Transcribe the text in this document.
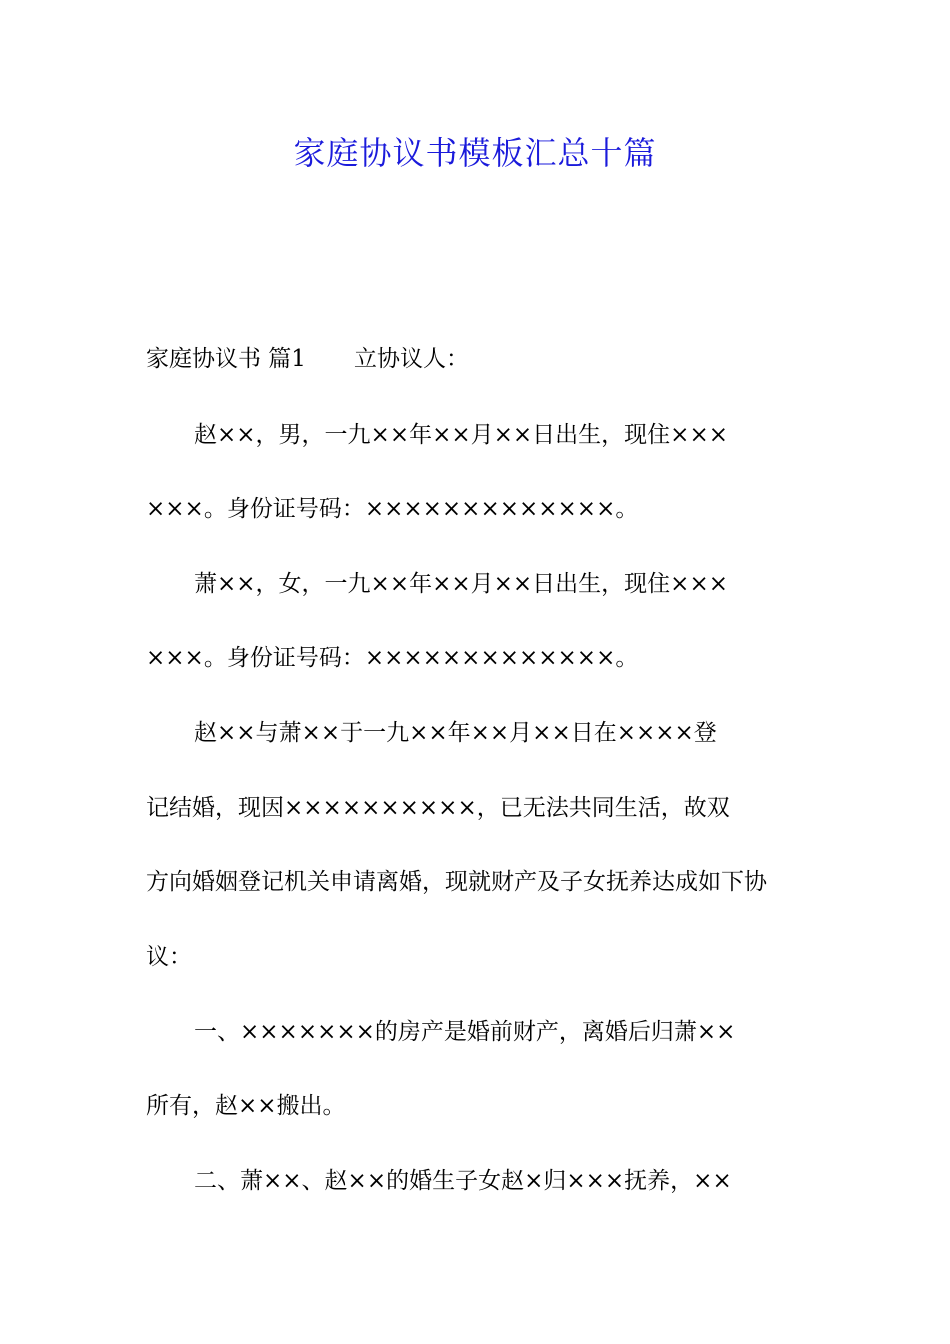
家庭协议书模板汇总十篇
家庭协议书 篇1 立协议人：
赵××，男，一九××年××月××日出生，现住×××
×××。身份证号码：×××××××××××××。
萧××，女，一九××年××月××日出生，现住×××
×××。身份证号码：×××××××××××××。
赵××与萧××于一九××年××月××日在××××登
记结婚，现因××××××××××，已无法共同生活，故双
方向婚姻登记机关申请离婚，现就财产及子女抚养达成如下协
议：
一、×××××××的房产是婚前财产，离婚后归萧××
所有，赵××搬出。
二、萧××、赵××的婚生子女赵×归×××抚养，××
